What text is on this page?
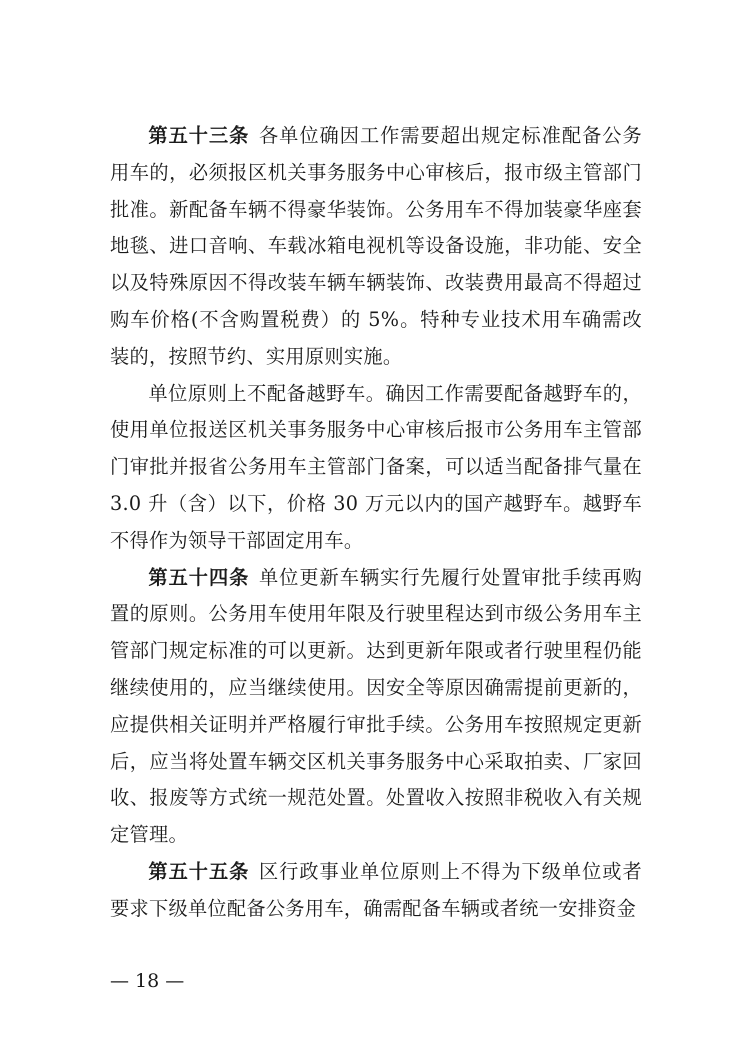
第五十三条 各单位确因工作需要超出规定标准配备公务用车的，必须报区机关事务服务中心审核后，报市级主管部门批准。新配备车辆不得豪华装饰。公务用车不得加装豪华座套地毯、进口音响、车载冰箱电视机等设备设施，非功能、安全以及特殊原因不得改装车辆车辆装饰、改装费用最高不得超过购车价格(不含购置税费）的 5%。特种专业技术用车确需改装的，按照节约、实用原则实施。

单位原则上不配备越野车。确因工作需要配备越野车的，使用单位报送区机关事务服务中心审核后报市公务用车主管部门审批并报省公务用车主管部门备案，可以适当配备排气量在 3.0 升（含）以下，价格 30 万元以内的国产越野车。越野车不得作为领导干部固定用车。

第五十四条 单位更新车辆实行先履行处置审批手续再购置的原则。公务用车使用年限及行驶里程达到市级公务用车主管部门规定标准的可以更新。达到更新年限或者行驶里程仍能继续使用的，应当继续使用。因安全等原因确需提前更新的，应提供相关证明并严格履行审批手续。公务用车按照规定更新后，应当将处置车辆交区机关事务服务中心采取拍卖、厂家回收、报废等方式统一规范处置。处置收入按照非税收入有关规定管理。

第五十五条 区行政事业单位原则上不得为下级单位或者要求下级单位配备公务用车，确需配备车辆或者统一安排资金

— 18 —
